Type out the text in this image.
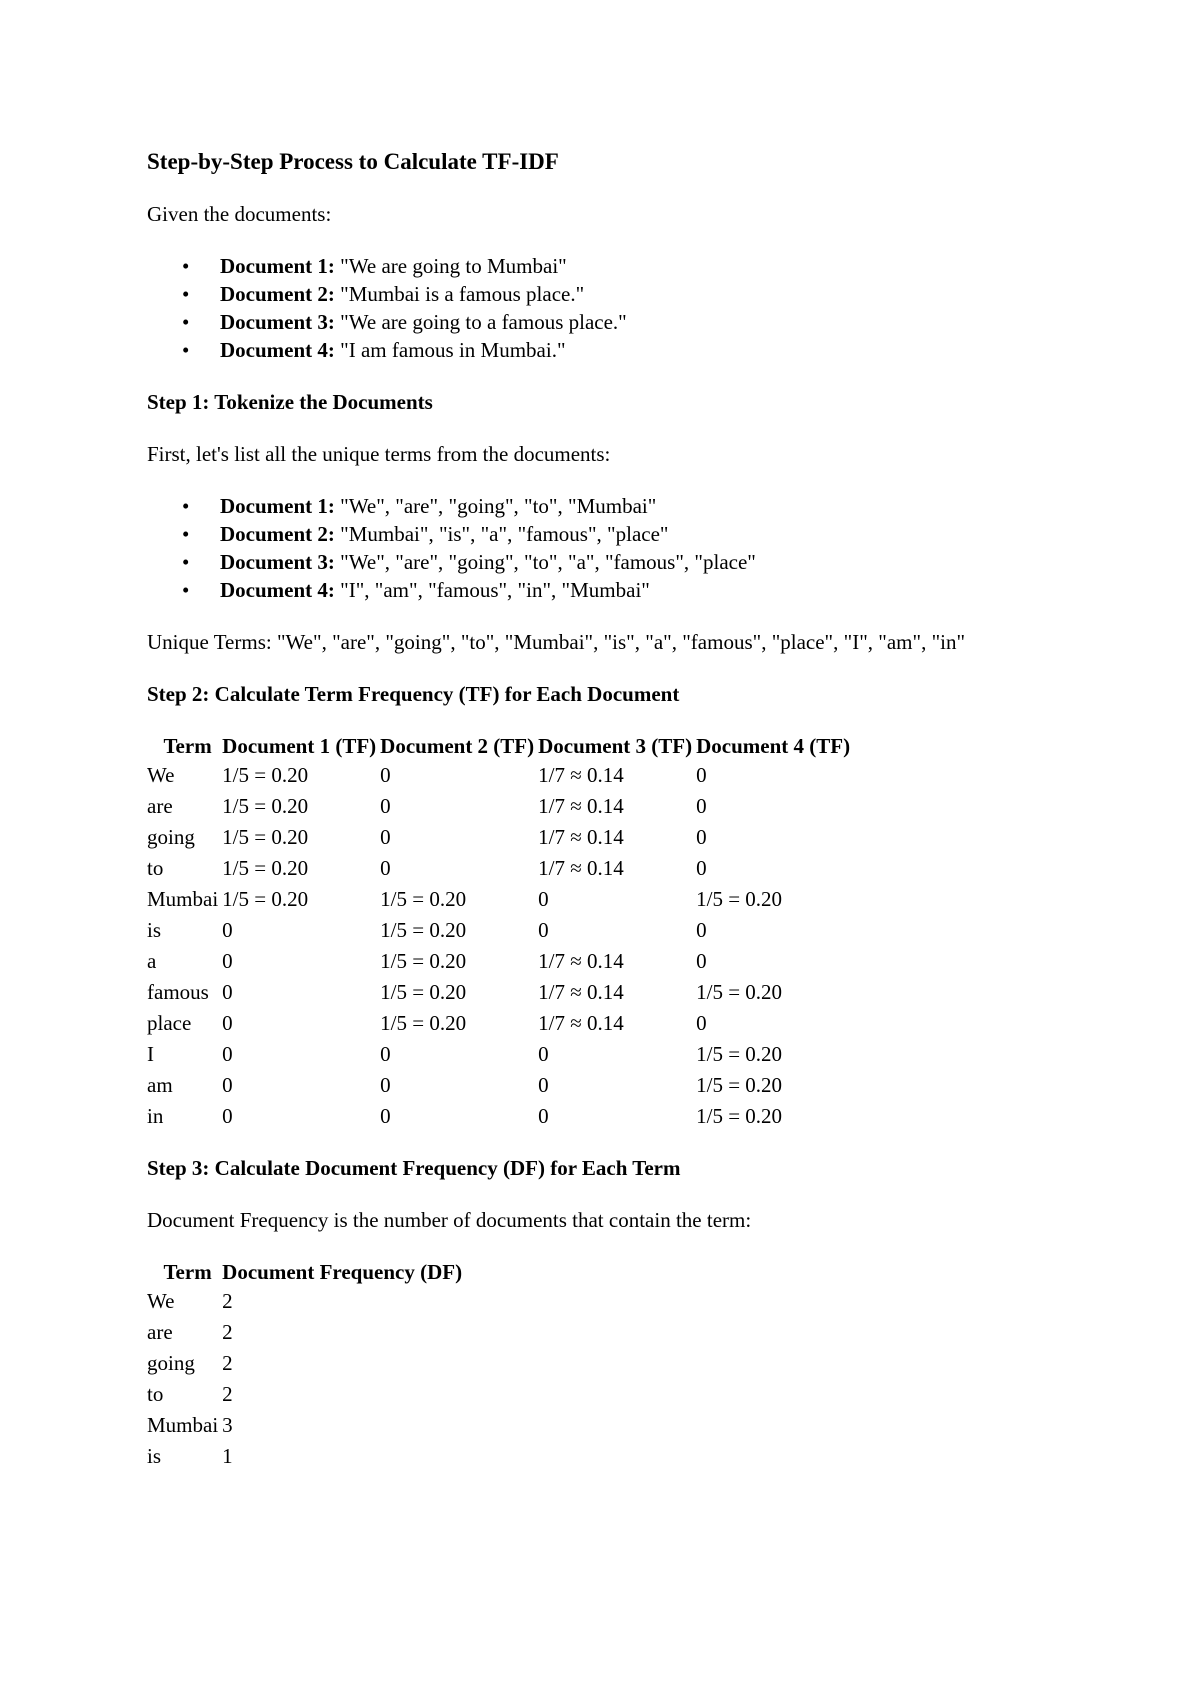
Step-by-Step Process to Calculate TF-IDF

Given the documents:

• Document 1: "We are going to Mumbai"
• Document 2: "Mumbai is a famous place."
• Document 3: "We are going to a famous place."
• Document 4: "I am famous in Mumbai."
Step 1: Tokenize the Documents

First, let's list all the unique terms from the documents:

• Document 1: "We", "are", "going", "to", "Mumbai"
• Document 2: "Mumbai", "is", "a", "famous", "place"
• Document 3: "We", "are", "going", "to", "a", "famous", "place"
• Document 4: "I", "am", "famous", "in", "Mumbai"

Unique Terms: "We", "are", "going", "to", "Mumbai", "is", "a", "famous", "place", "I", "am", "in"

Step 2: Calculate Term Frequency (TF) for Each Document
Term	Document 1 (TF)	Document 2 (TF)	Document 3 (TF)	Document 4 (TF)
We	1/5 = 0.20	0	1/7 ≈ 0.14	0
are	1/5 = 0.20	0	1/7 ≈ 0.14	0
going	1/5 = 0.20	0	1/7 ≈ 0.14	0
to	1/5 = 0.20	0	1/7 ≈ 0.14	0
Mumbai	1/5 = 0.20	1/5 = 0.20	0	1/5 = 0.20
is	0	1/5 = 0.20	0	0
a	0	1/5 = 0.20	1/7 ≈ 0.14	0
famous	0	1/5 = 0.20	1/7 ≈ 0.14	1/5 = 0.20
place	0	1/5 = 0.20	1/7 ≈ 0.14	0
I	0	0	0	1/5 = 0.20
am	0	0	0	1/5 = 0.20
in	0	0	0	1/5 = 0.20
Step 3: Calculate Document Frequency (DF) for Each Term

Document Frequency is the number of documents that contain the term:

Term	Document Frequency (DF)
We	2
are	2
going	2
to	2
Mumbai	3
is	1
